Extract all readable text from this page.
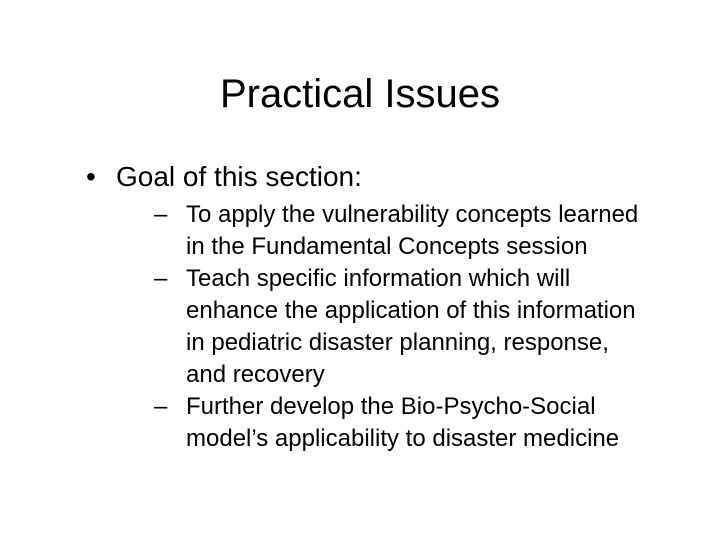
Practical Issues
• Goal of this section:
– To apply the vulnerability concepts learned
in the Fundamental Concepts session
– Teach specific information which will
enhance the application of this information
in pediatric disaster planning, response,
and recovery
– Further develop the Bio-Psycho-Social
model’s applicability to disaster medicine
